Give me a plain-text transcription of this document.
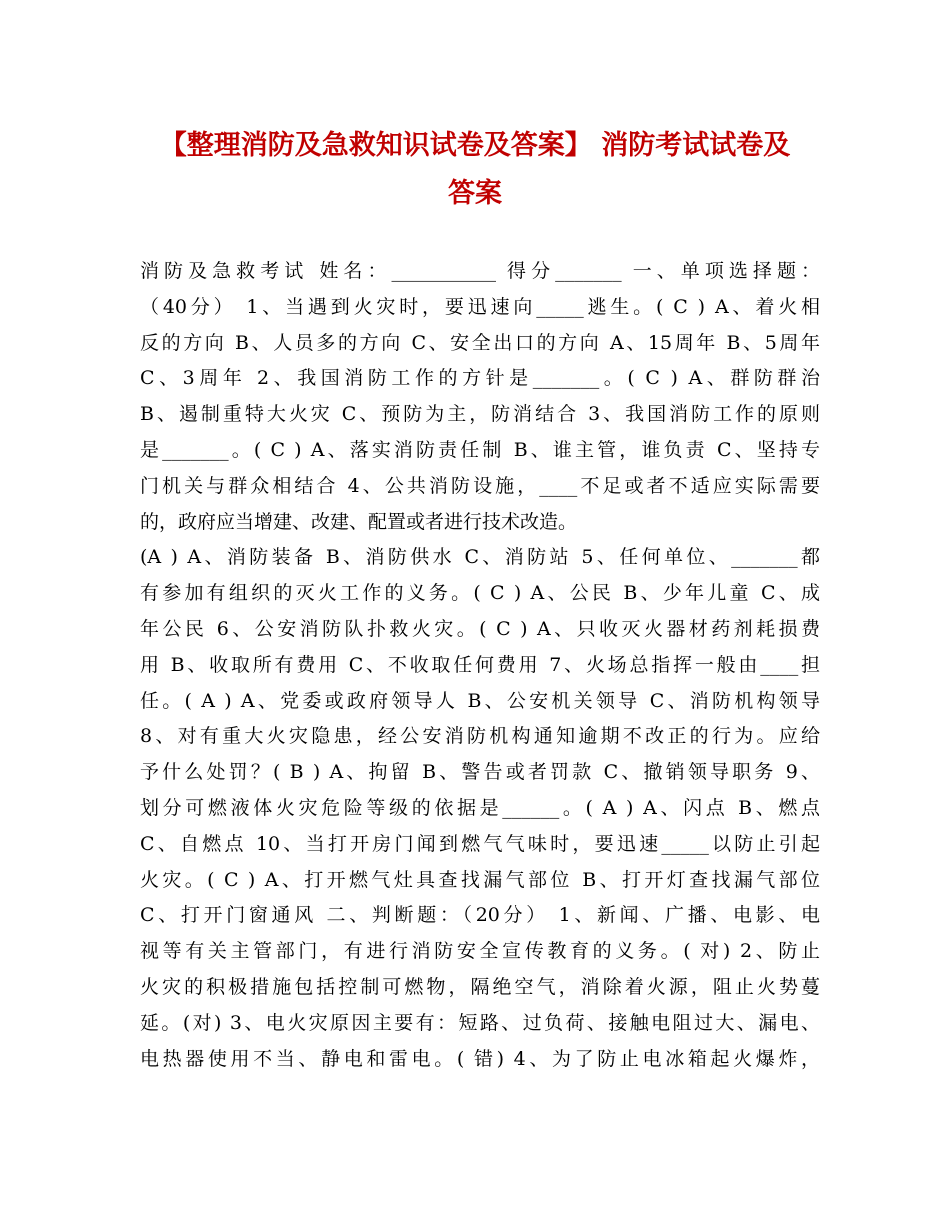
【整理消防及急救知识试卷及答案】 消防考试试卷及
答案
消防及急救考试 姓名：___________ 得分_______ 一、单项选择题：
（40分） 1、当遇到火灾时，要迅速向_____逃生。( C ) A、着火相
反的方向 B、人员多的方向 C、安全出口的方向 A、15周年 B、5周年
C、3周年 2、我国消防工作的方针是_______。( C ) A、群防群治
B、遏制重特大火灾 C、预防为主，防消结合 3、我国消防工作的原则
是_______。( C ) A、落实消防责任制 B、谁主管，谁负责 C、坚持专
门机关与群众相结合 4、公共消防设施，____不足或者不适应实际需要
的，政府应当增建、改建、配置或者进行技术改造。
(A ) A、消防装备 B、消防供水 C、消防站 5、任何单位、_______都
有参加有组织的灭火工作的义务。( C ) A、公民 B、少年儿童 C、成
年公民 6、公安消防队扑救火灾。( C ) A、只收灭火器材药剂耗损费
用 B、收取所有费用 C、不收取任何费用 7、火场总指挥一般由____担
任。( A ) A、党委或政府领导人 B、公安机关领导 C、消防机构领导
8、对有重大火灾隐患，经公安消防机构通知逾期不改正的行为。应给
予什么处罚？( B ) A、拘留 B、警告或者罚款 C、撤销领导职务 9、
划分可燃液体火灾危险等级的依据是______。( A ) A、闪点 B、燃点
C、自燃点 10、当打开房门闻到燃气气味时，要迅速_____以防止引起
火灾。( C ) A、打开燃气灶具查找漏气部位 B、打开灯查找漏气部位
C、打开门窗通风 二、判断题：（20分） 1、新闻、广播、电影、电
视等有关主管部门，有进行消防安全宣传教育的义务。( 对) 2、防止
火灾的积极措施包括控制可燃物，隔绝空气，消除着火源，阻止火势蔓
延。(对) 3、电火灾原因主要有：短路、过负荷、接触电阻过大、漏电、
电热器使用不当、静电和雷电。( 错) 4、为了防止电冰箱起火爆炸，
